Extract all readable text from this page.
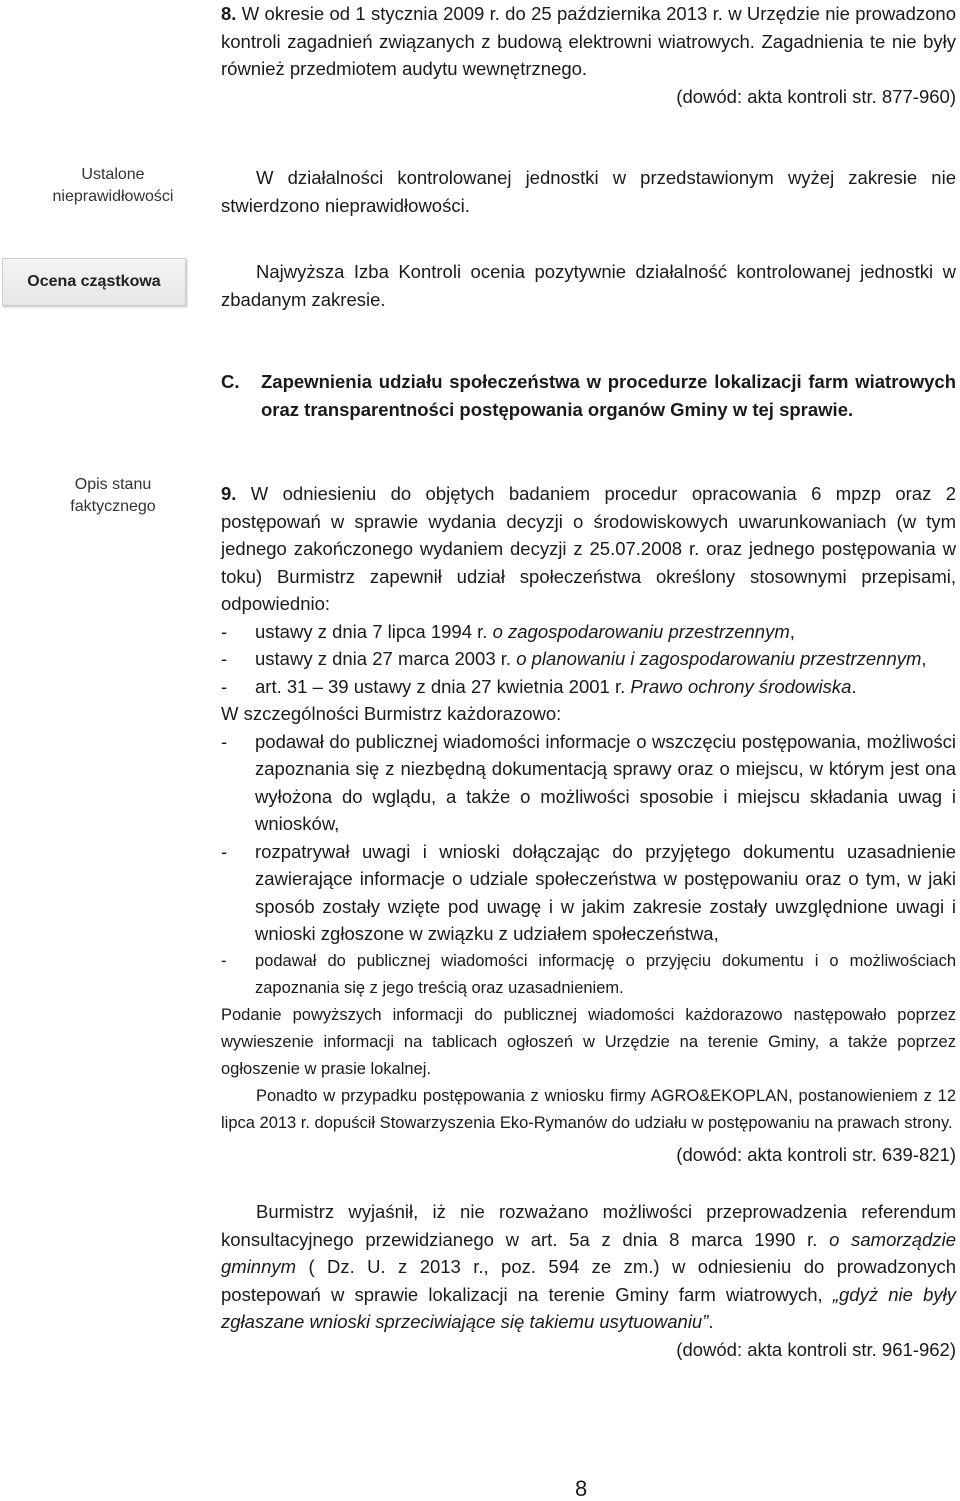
Ustalone nieprawidłowości
Ocena cząstkowa
Opis stanu faktycznego

8. W okresie od 1 stycznia 2009 r. do 25 października 2013 r. w Urzędzie nie prowadzono kontroli zagadnień związanych z budową elektrowni wiatrowych. Zagadnienia te nie były również przedmiotem audytu wewnętrznego.

(dowód: akta kontroli str. 877-960)

W działalności kontrolowanej jednostki w przedstawionym wyżej zakresie nie stwierdzono nieprawidłowości.

Najwyższa Izba Kontroli ocenia pozytywnie działalność kontrolowanej jednostki w zbadanym zakresie.

C.	Zapewnienia udziału społeczeństwa w procedurze lokalizacji farm wiatrowych oraz transparentności postępowania organów Gminy w tej sprawie.

9. W odniesieniu do objętych badaniem procedur opracowania 6 mpzp oraz 2 postępowań w sprawie wydania decyzji o środowiskowych uwarunkowaniach (w tym jednego zakończonego wydaniem decyzji z 25.07.2008 r. oraz jednego postępowania w toku) Burmistrz zapewnił udział społeczeństwa określony stosownymi przepisami, odpowiednio:

-	ustawy z dnia 7 lipca 1994 r. o zagospodarowaniu przestrzennym,
-	ustawy z dnia 27 marca 2003 r. o planowaniu i zagospodarowaniu przestrzennym,
-	art. 31 – 39 ustawy z dnia 27 kwietnia 2001 r. Prawo ochrony środowiska.

W szczególności Burmistrz każdorazowo:

-	podawał do publicznej wiadomości informacje o wszczęciu postępowania, możliwości zapoznania się z niezbędną dokumentacją sprawy oraz o miejscu, w którym jest ona wyłożona do wglądu, a także o możliwości sposobie i miejscu składania uwag i wniosków,
-	rozpatrywał uwagi i wnioski dołączając do przyjętego dokumentu uzasadnienie zawierające informacje o udziale społeczeństwa w postępowaniu oraz o tym, w jaki sposób zostały wzięte pod uwagę i w jakim zakresie zostały uwzględnione uwagi i wnioski zgłoszone w związku z udziałem społeczeństwa,
-	podawał do publicznej wiadomości informację o przyjęciu dokumentu i o możliwościach zapoznania się z jego treścią oraz uzasadnieniem.

Podanie powyższych informacji do publicznej wiadomości każdorazowo następowało poprzez wywieszenie informacji na tablicach ogłoszeń w Urzędzie na terenie Gminy, a także poprzez ogłoszenie w prasie lokalnej.

Ponadto w przypadku postępowania z wniosku firmy AGRO&EKOPLAN, postanowieniem z 12 lipca 2013 r. dopuścił Stowarzyszenia Eko-Rymanów do udziału w postępowaniu na prawach strony.

(dowód: akta kontroli str. 639-821)

Burmistrz wyjaśnił, iż nie rozważano możliwości przeprowadzenia referendum konsultacyjnego przewidzianego w art. 5a z dnia 8 marca 1990 r. o samorządzie gminnym ( Dz. U. z 2013 r., poz. 594 ze zm.) w odniesieniu do prowadzonych postepowań w sprawie lokalizacji na terenie Gminy farm wiatrowych, „gdyż nie były zgłaszane wnioski sprzeciwiające się takiemu usytuowaniu”.

(dowód: akta kontroli str. 961-962)

8
